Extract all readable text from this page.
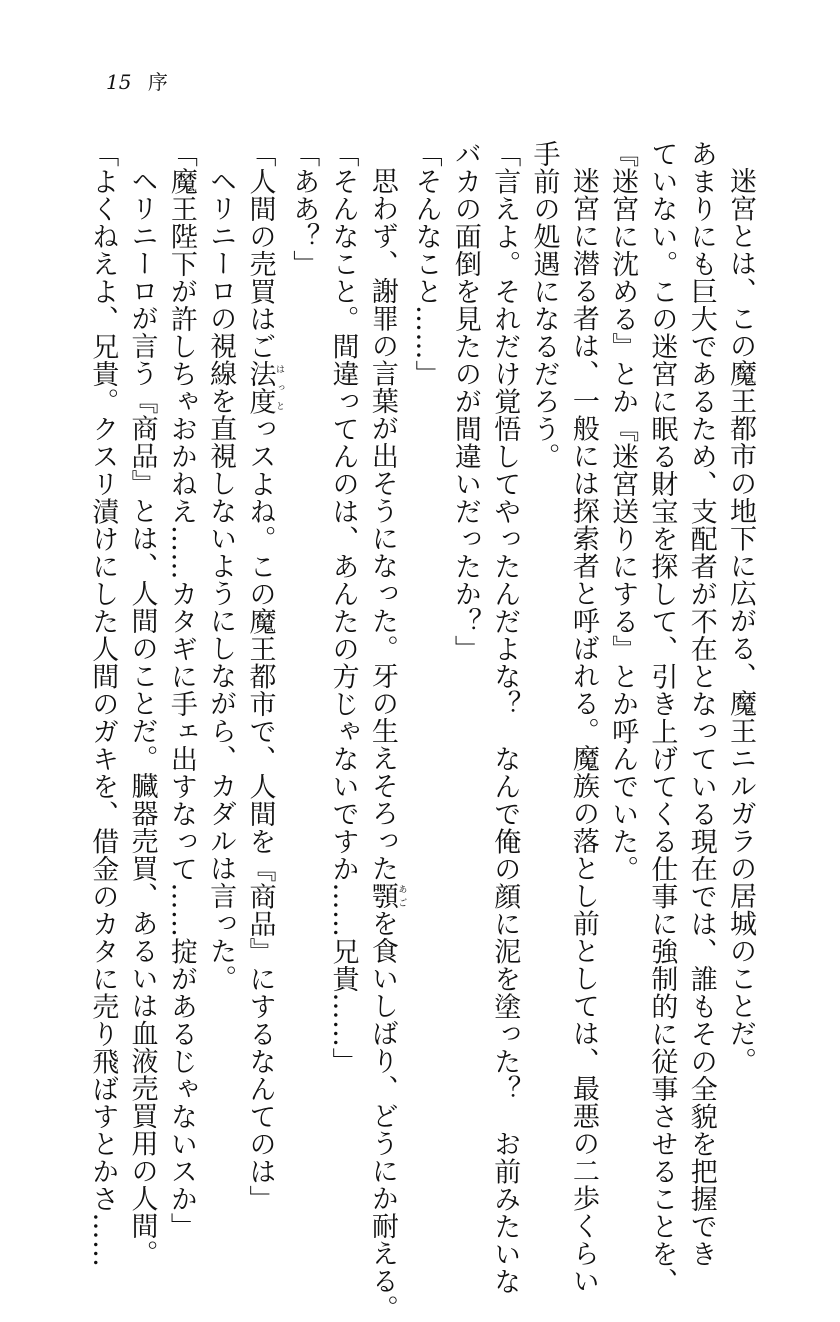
15 序
迷宮とは、この魔王都市の地下に広がる、魔王ニルガラの居城のことだ。
あまりにも巨大であるため、支配者が不在となっている現在では、誰もその全貌を把握でき
ていない。この迷宮に眠る財宝を探して、引き上げてくる仕事に強制的に従事させることを、
『迷宮に沈める』とか『迷宮送りにする』とか呼んでいた。
迷宮に潜る者は、一般には探索者と呼ばれる。魔族の落とし前としては、最悪の二歩くらい
手前の処遇になるだろう。
「言えよ。それだけ覚悟してやったんだよな？　なんで俺の顔に泥を塗った？　お前みたいな
バカの面倒を見たのが間違いだったか？」
「そんなこと……」
思わず、謝罪の言葉が出そうになった。牙の生えそろった顎あごを食いしばり、どうにか耐える。
「そんなこと。間違ってんのは、あんたの方じゃないですか……兄貴……」
「ああ？」
「人間の売買はご法度はっとっスよね。この魔王都市で、人間を『商品』にするなんてのは」
ヘリニーロの視線を直視しないようにしながら、カダルは言った。
「魔王陛下が許しちゃおかねえ……カタギに手ェ出すなって……掟があるじゃないスか」
ヘリニーロが言う『商品』とは、人間のことだ。臓器売買、あるいは血液売買用の人間。
「よくねえよ、兄貴。クスリ漬けにした人間のガキを、借金のカタに売り飛ばすとかさ……
